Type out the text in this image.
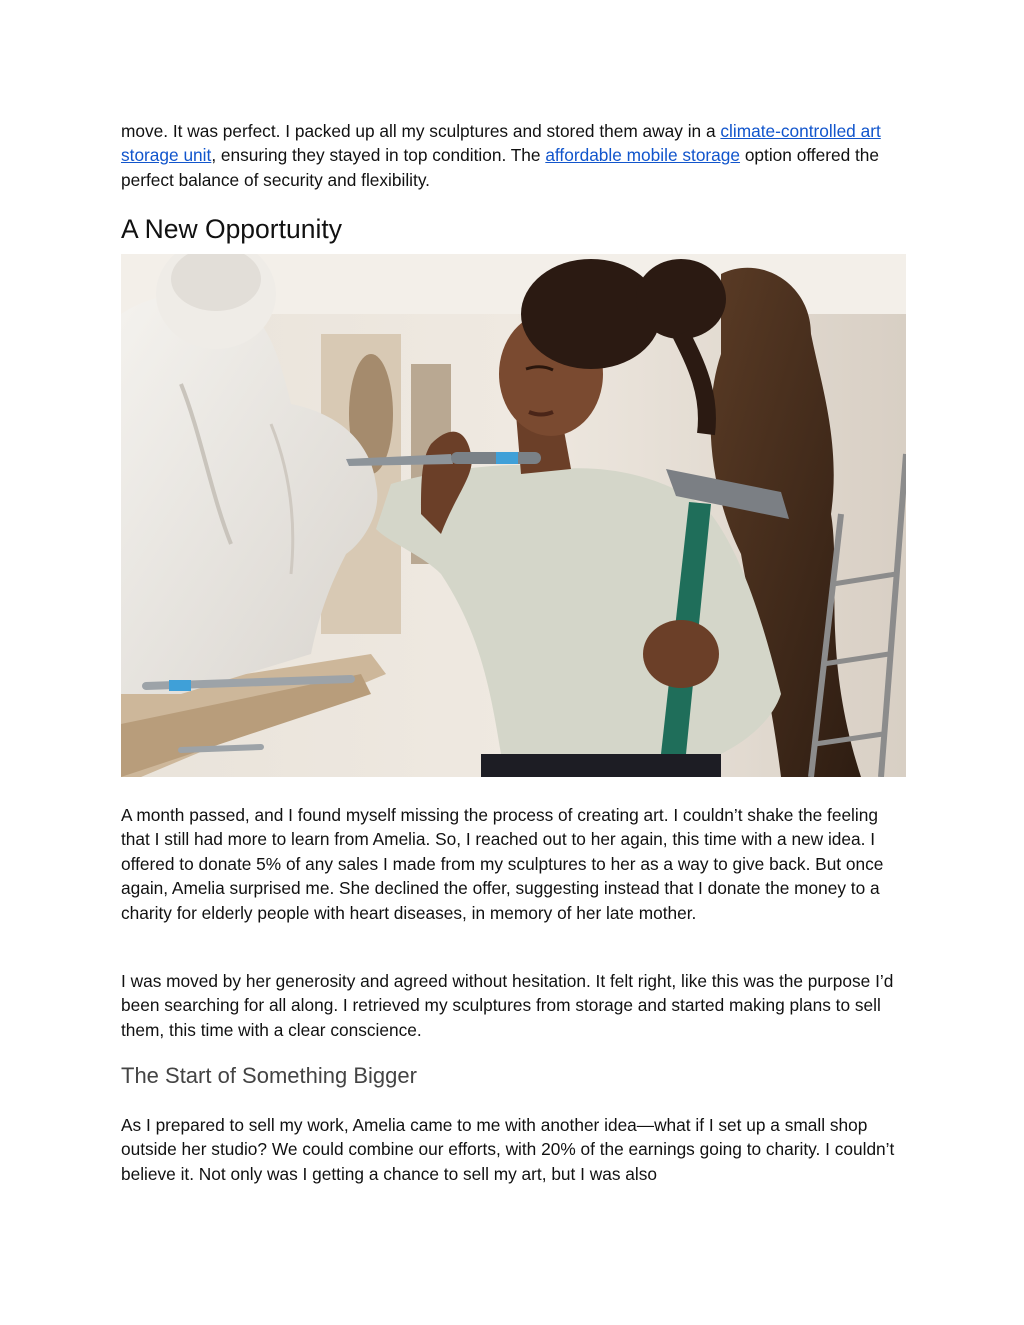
move. It was perfect. I packed up all my sculptures and stored them away in a climate-controlled art storage unit, ensuring they stayed in top condition. The affordable mobile storage option offered the perfect balance of security and flexibility.

A New Opportunity

A month passed, and I found myself missing the process of creating art. I couldn’t shake the feeling that I still had more to learn from Amelia. So, I reached out to her again, this time with a new idea. I offered to donate 5% of any sales I made from my sculptures to her as a way to give back. But once again, Amelia surprised me. She declined the offer, suggesting instead that I donate the money to a charity for elderly people with heart diseases, in memory of her late mother.

I was moved by her generosity and agreed without hesitation. It felt right, like this was the purpose I’d been searching for all along. I retrieved my sculptures from storage and started making plans to sell them, this time with a clear conscience.

The Start of Something Bigger

As I prepared to sell my work, Amelia came to me with another idea—what if I set up a small shop outside her studio? We could combine our efforts, with 20% of the earnings going to charity. I couldn’t believe it. Not only was I getting a chance to sell my art, but I was also
